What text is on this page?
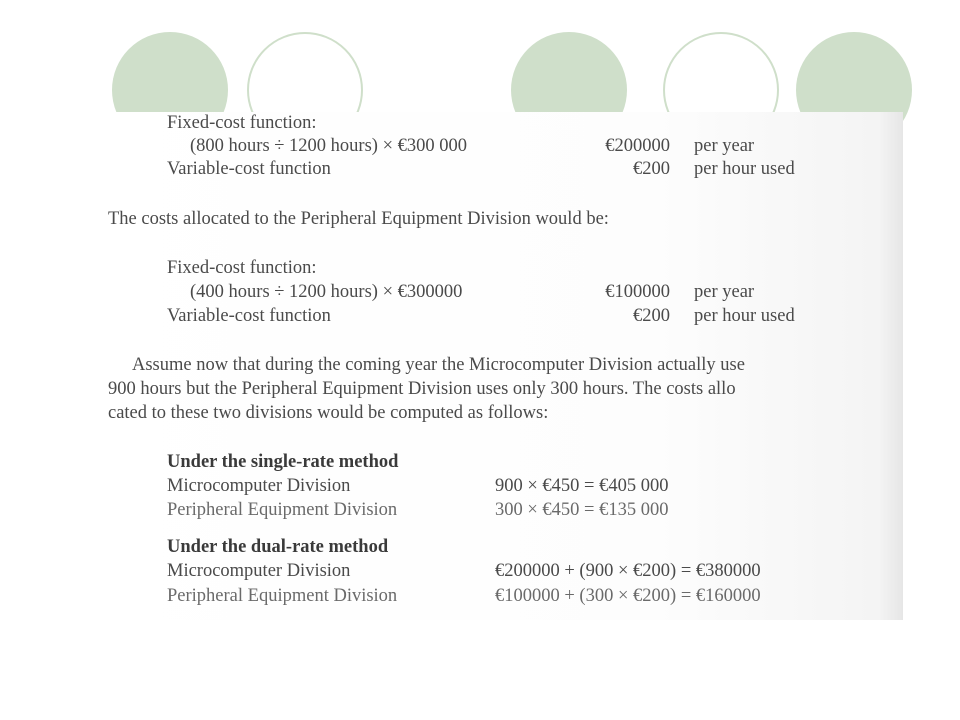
Fixed-cost function:
(800 hours ÷ 1200 hours) × €300 000	€200000 per year
Variable-cost function	€200 per hour used
The costs allocated to the Peripheral Equipment Division would be:
Fixed-cost function:
(400 hours ÷ 1200 hours) × €300000	€100000 per year
Variable-cost function	€200 per hour used
Assume now that during the coming year the Microcomputer Division actually use
900 hours but the Peripheral Equipment Division uses only 300 hours. The costs allo
cated to these two divisions would be computed as follows:
Under the single-rate method
Microcomputer Division	900 × €450 = €405 000
Peripheral Equipment Division	300 × €450 = €135 000
Under the dual-rate method
Microcomputer Division	€200000 + (900 × €200) = €380000
Peripheral Equipment Division	€100000 + (300 × €200) = €160000
